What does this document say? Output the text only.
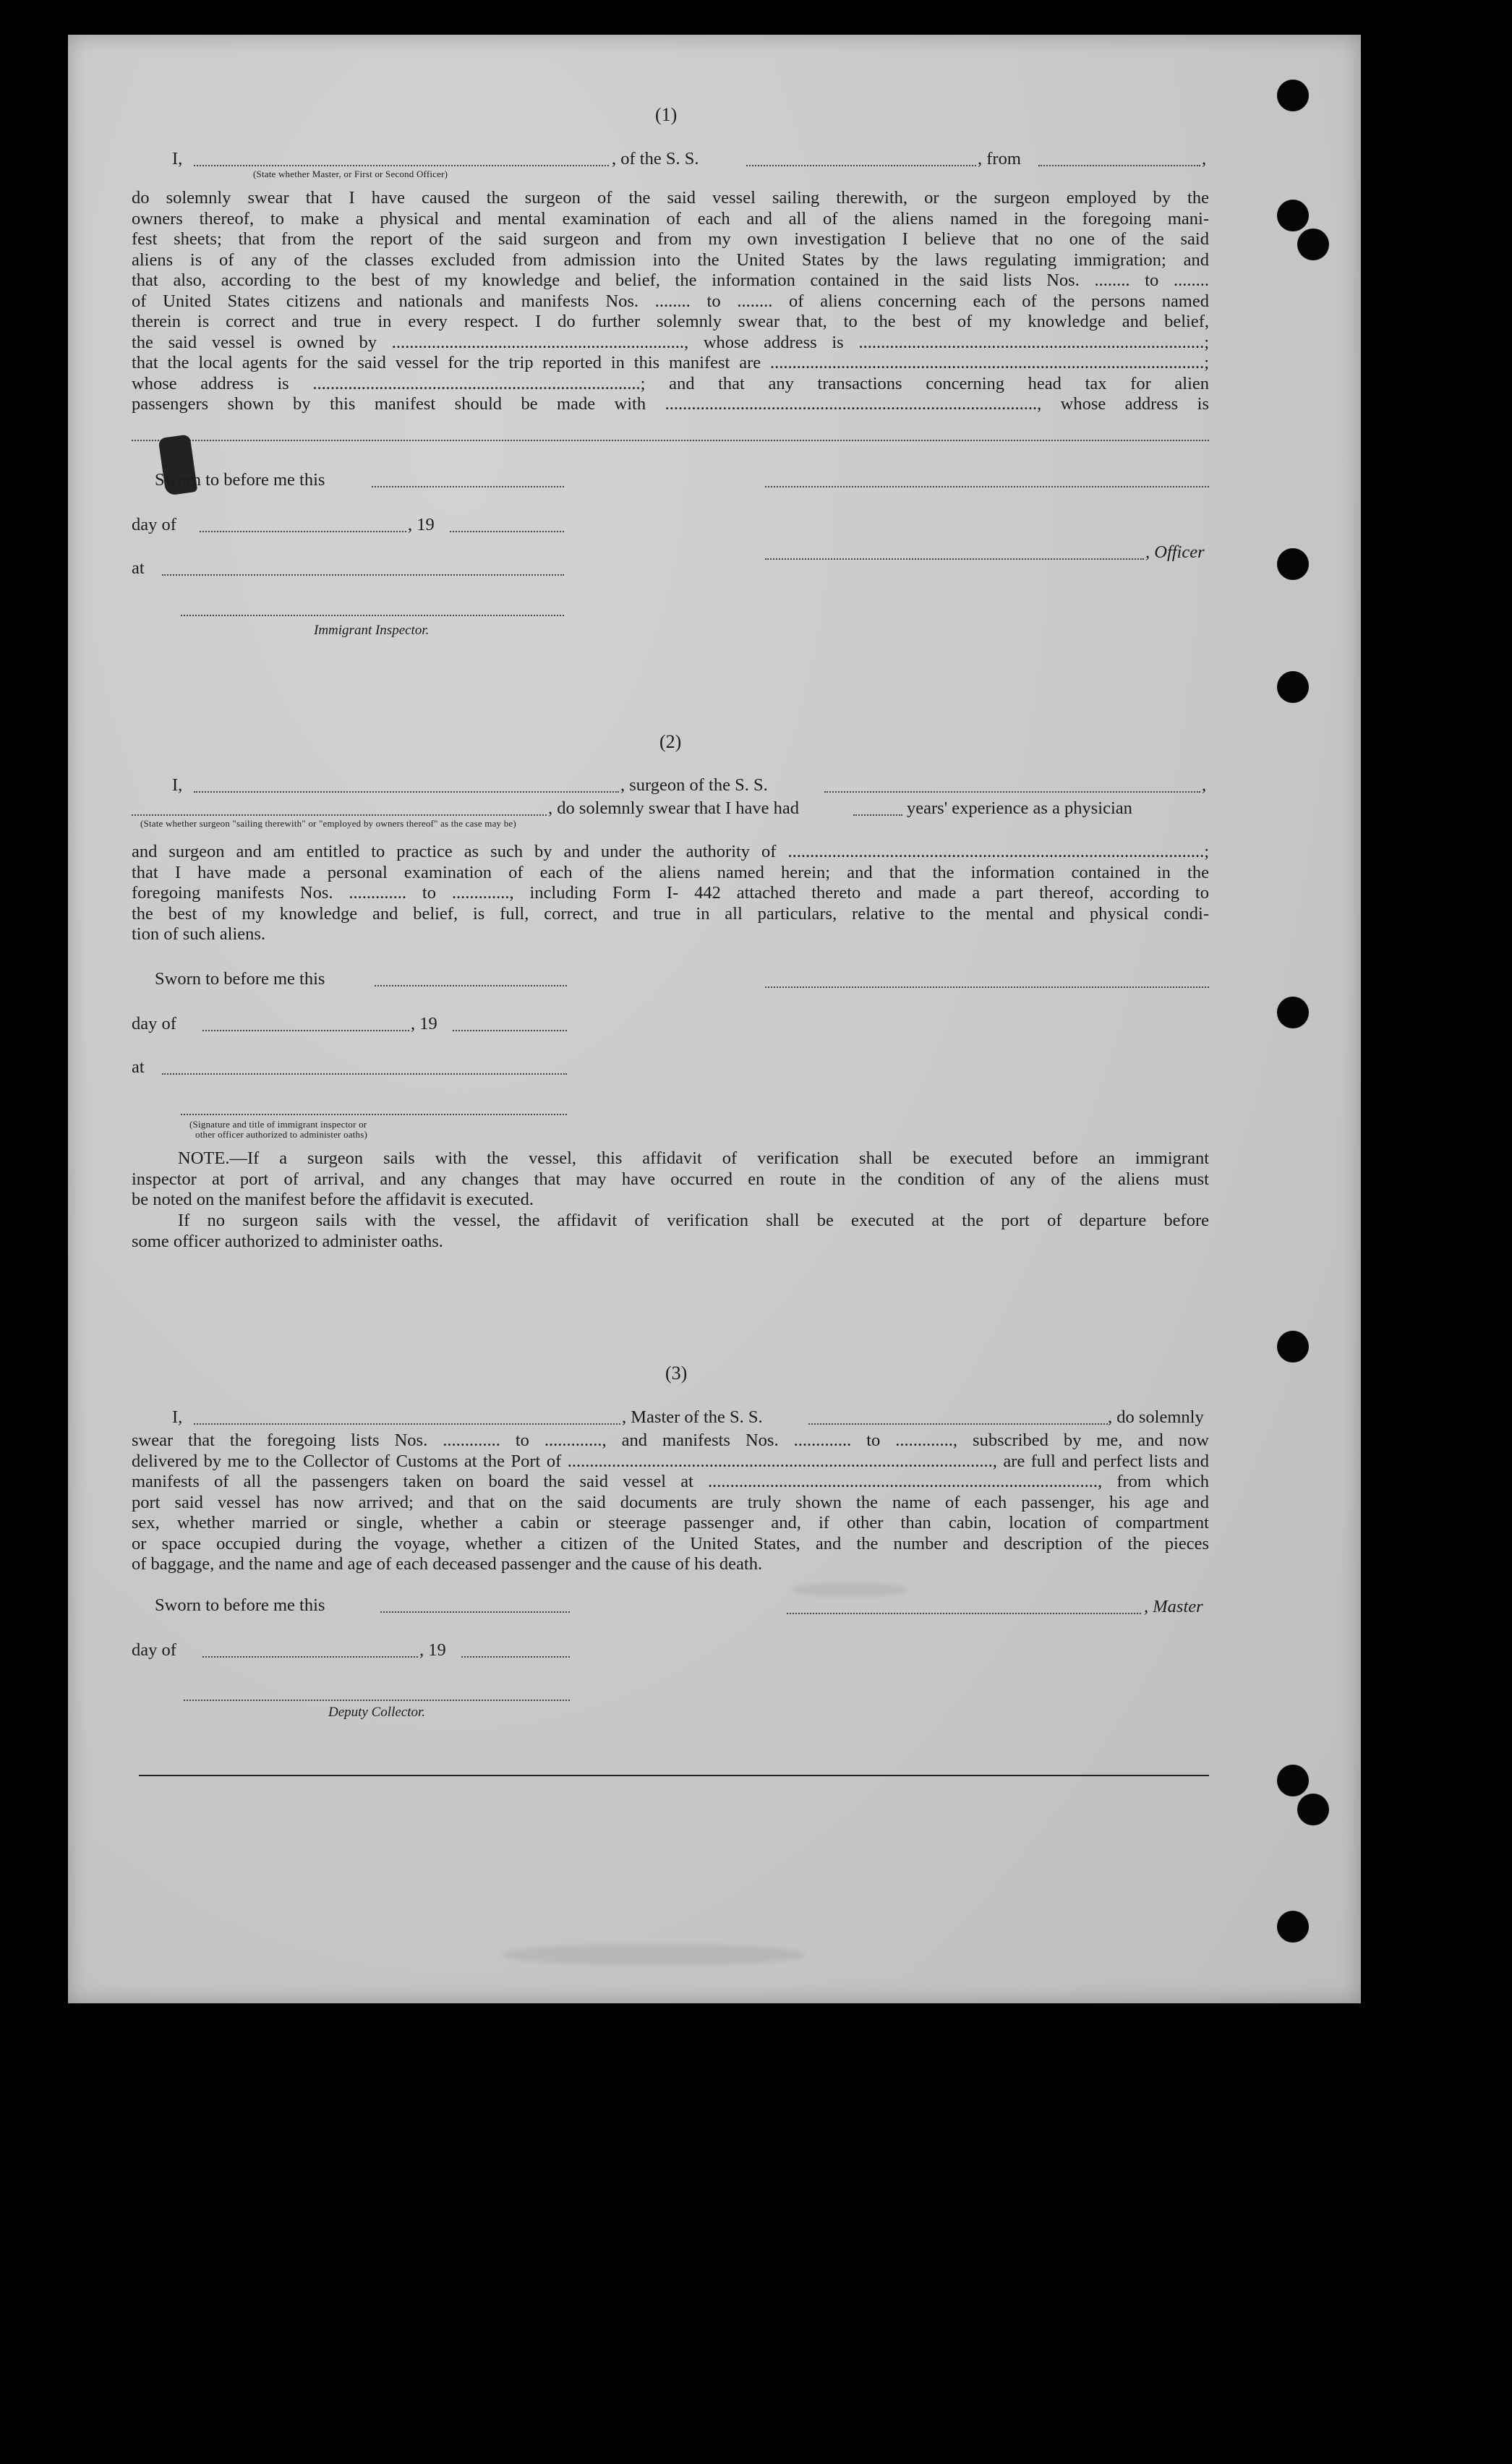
(1)

I,	, of the S. S.	, from	,

(State whether Master, or First or Second Officer)

do solemnly swear that I have caused the surgeon of the said vessel sailing therewith, or the surgeon employed by the
owners thereof, to make a physical and mental examination of each and all of the aliens named in the foregoing mani-
fest sheets; that from the report of the said surgeon and from my own investigation I believe that no one of the said
aliens is of any of the classes excluded from admission into the United States by the laws regulating immigration; and
that also, according to the best of my knowledge and belief, the information contained in the said lists Nos. ........ to ........
of United States citizens and nationals and manifests Nos. ........ to ........ of aliens concerning each of the persons named
therein is correct and true in every respect. I do further solemnly swear that, to the best of my knowledge and belief,
the said vessel is owned by .................................................................., whose address is ..............................................................................;
that the local agents for the said vessel for the trip reported in this manifest are ..................................................................................................;
whose address is ..........................................................................; and that any transactions concerning head tax for alien
passengers shown by this manifest should be made with ...................................................................................., whose address is

Sworn to before me this

day of	, 19

, Officer

at

Immigrant Inspector.

(2)

I,	, surgeon of the S. S.	,

, do solemnly swear that I have had	years' experience as a physician

(State whether surgeon "sailing therewith" or "employed by owners thereof" as the case may be)

and surgeon and am entitled to practice as such by and under the authority of ..............................................................................................;
that I have made a personal examination of each of the aliens named herein; and that the information contained in the
foregoing manifests Nos. ............. to ............., including Form I- 442 attached thereto and made a part thereof, according to
the best of my knowledge and belief, is full, correct, and true in all particulars, relative to the mental and physical condi-
tion of such aliens.

Sworn to before me this

day of	, 19

at

(Signature and title of immigrant inspector or

other officer authorized to administer oaths)

NOTE.—If a surgeon sails with the vessel, this affidavit of verification shall be executed before an immigrant
inspector at port of arrival, and any changes that may have occurred en route in the condition of any of the aliens must
be noted on the manifest before the affidavit is executed.
If no surgeon sails with the vessel, the affidavit of verification shall be executed at the port of departure before
some officer authorized to administer oaths.

(3)

I,	, Master of the S. S.	, do solemnly

swear that the foregoing lists Nos. ............. to ............., and manifests Nos. ............. to ............., subscribed by me, and now
delivered by me to the Collector of Customs at the Port of ................................................................................................, are full and perfect lists and
manifests of all the passengers taken on board the said vessel at ........................................................................................, from which
port said vessel has now arrived; and that on the said documents are truly shown the name of each passenger, his age and
sex, whether married or single, whether a cabin or steerage passenger and, if other than cabin, location of compartment
or space occupied during the voyage, whether a citizen of the United States, and the number and description of the pieces
of baggage, and the name and age of each deceased passenger and the cause of his death.

Sworn to before me this	, Master

day of	, 19

Deputy Collector.
